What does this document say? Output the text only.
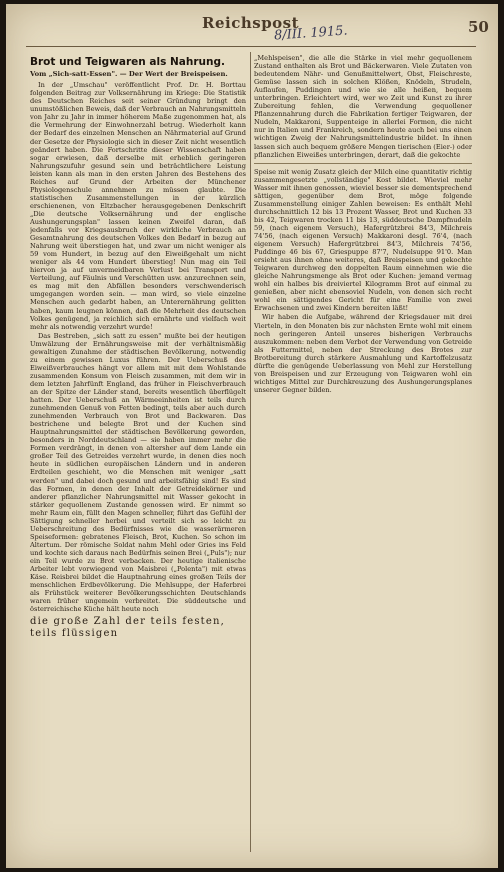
Reichspost
8/III. 1915.	50
Brot und Teigwaren als Nahrung.
Vom „Sich-satt-Essen". — Der Wert der Breispeisen.

In der „Umschau" veröffentlicht Prof. Dr. H. Borttau folgenden Beitrag zur Volksernährung im Kriege: Die Statistik des Deutschen Reiches seit seiner Gründung bringt den unumstößlichen Beweis, daß der Verbrauch an Nahrungsmitteln von Jahr zu Jahr in immer höherem Maße zugenommen hat, als die Vermehrung der Einwohnerzahl betrug. Wiederholt kann der Bedarf des einzelnen Menschen an Nährmaterial auf Grund der Gesetze der Physiologie sich in dieser Zeit nicht wesentlich geändert haben. Die Fortschritte dieser Wissenschaft haben sogar erwiesen, daß derselbe mit erheblich geringeren Nahrungszufuhr gesund sein und beträchtlichere Leistung leisten kann als man in den ersten Jahren des Bestehens des Reiches auf Grund der Arbeiten der Münchener Physiologenschule annehmen zu müssen glaubte. Die statistischen Zusammenstellungen in der kürzlich erschienenen, von Eltzbacher herausgegebenen Denkschrift „Die deutsche Volksernährung und der englische Aushungerungsplan" lassen keinen Zweifel daran, daß jedenfalls vor Kriegsausbruch der wirkliche Verbrauch an Gesamtnahrung des deutschen Volkes den Bedarf in bezug auf Nahrung weit überstiegen hat, und zwar um nicht weniger als 59 vom Hundert, in bezug auf den Eiweißgehalt um nicht weniger als 44 vom Hundert überstieg! Nun mag ein Teil hiervon ja auf unvermeidbaren Verlust bei Transport und Verteilung, auf Fäulnis und Verschütten usw. anzurechnen sein, es mag mit den Abfällen besonders verschwenderisch umgegangen worden sein. — man wird, so viele einzelne Menschen auch gedarbt haben, an Unterernährung gelitten haben, kaum leugnen können, daß die Mehrheit des deutschen Volkes genügend, ja reichlich sich ernährte und vielfach weit mehr als notwendig verzehrt wurde!

Das Bestreben, „sich satt zu essen" mußte bei der heutigen Umwälzung der Ernährungsweise mit der verhältnismäßig gewaltigen Zunahme der städtischen Bevölkerung, notwendig zu einem gewissen Luxus führen. Der Ueberschuß des Eiweißverbrauches hängt vor allem mit mit dem Wohlstande zusammenden Konsum von Fleisch zusammen, mit dem wir in dem letzten Jahrfünft England, das früher in Fleischverbrauch an der Spitze der Länder stand, bereits wesentlich überflügelt hatten. Der Ueberschuß an Wärmeeinheiten ist teils durch zunehmenden Genuß von Fetten bedingt, teils aber auch durch zunehmenden Verbrauch von Brot und Backwaren. Das bestrichene und belegte Brot und der Kuchen sind Hauptnahrungsmittel der städtischen Bevölkerung geworden, besonders in Norddeutschland — sie haben immer mehr die Formen verdrängt, in denen von altersher auf dem Lande ein großer Teil des Getreides verzehrt wurde, in denen dies noch heute in südlichen europäischen Ländern und in anderen Erdteilen geschieht, wo die Menschen mit weniger „satt werden" und dabei doch gesund und arbeitsfähig sind! Es sind das Formen, in denen der Inhalt der Getreidekörner und anderer pflanzlicher Nahrungsmittel mit Wasser gekocht in stärker gequollenem Zustande genossen wird. Er nimmt so mehr Raum ein, füllt den Magen schneller, führt das Gefühl der Sättigung schneller herbei und verteilt sich so leicht zu Ueberschreitung des Bedürfnisses wie die wasserärmeren Speiseformen: gebratenes Fleisch, Brot, Kuchen. So schon im Altertum. Der römische Soldat nahm Mehl oder Gries ins Feld und kochte sich daraus nach Bedürfnis seinen Brei („Puls"); nur ein Teil wurde zu Brot verbacken. Der heutige italienische Arbeiter lebt vorwiegend von Maisbrei („Polenta") mit etwas Käse. Reisbrei bildet die Hauptnahrung eines großen Teils der menschlichen Erdbevölkerung. Die Mehlsuppe, der Haferbrei als Frühstück weiterer Bevölkerungsschichten Deutschlands waren früher ungemein verbreitet. Die süddeutsche und österreichische Küche hält heute noch

die große Zahl der teils festen, teils flüssigen

„Mehlspeisen", die alle die Stärke in viel mehr gequollenem Zustand enthalten als Brot und Bäckerwaren. Viele Zutaten von bedeutendem Nähr- und Genußmittelwert, Obst, Fleischreste, Gemüse lassen sich in solchen Klößen, Knödeln, Strudeln, Auflaufen, Puddingen und wie sie alle heißen, bequem unterbringen. Erleichtert wird, wer wo Zeit und Kunst zu ihrer Zubereitung fehlen, die Verwendung gequollener Pflanzennahrung durch die Fabrikation fertiger Teigwaren, der Nudeln, Makkaroni, Suppenteige in allerlei Formen, die nicht nur in Italien und Frankreich, sondern heute auch bei uns einen wichtigen Zweig der Nahrungsmittelindustrie bildet. In ihnen lassen sich auch bequem größere Mengen tierischen (Eier-) oder pflanzlichen Eiweißes unterbringen, derart, daß die gekochte

Speise mit wenig Zusatz gleich der Milch eine quantitativ richtig zusammengesetzte „vollständige" Kost bildet. Wieviel mehr Wasser mit ihnen genossen, wieviel besser sie dementsprechend sättigen, gegenüber dem Brot, möge folgende Zusammenstellung einiger Zahlen beweisen: Es enthält Mehl durchschnittlich 12 bis 13 Prozent Wasser, Brot und Kuchen 33 bis 42, Teigwaren trocken 11 bis 13, süddeutsche Dampfnudeln 59, (nach eigenem Versuch), Hafergrützbrei 84'3, Milchreis 74'56, (nach eigenen Versuch) Makkaroni desgl. 76'4, (nach eigenem Versuch) Hafergrützbrei 84'3, Milchreis 74'56, Puddinge 46 bis 67, Griespuppe 87'7, Nudelsuppe 91'0. Man ersieht aus ihnen ohne weiteres, daß Breispeisen und gekochte Teigwaren durchweg den doppelten Raum einnehmen wie die gleiche Nahrungsmenge als Brot oder Kuchen: jemand vermag wohl ein halbes bis dreiviertel Kilogramm Brot auf einmal zu genießen, aber nicht ebensoviel Nudeln, von denen sich recht wohl ein sättigendes Gericht für eine Familie von zwei Erwachsenen und zwei Kindern bereiten läßt!

Wir haben die Aufgabe, während der Kriegsdauer mit drei Vierteln, in den Monaten bis zur nächsten Ernte wohl mit einem noch geringeren Anteil unseres bisherigen Verbrauchs auszukommen: neben dem Verbot der Verwendung von Getreide als Futtermittel, neben der Streckung des Brotes zur Brotbereitung durch stärkere Ausmahlung und Kartoffelzusatz dürfte die genügende Ueberlassung von Mehl zur Herstellung von Breispeisen und zur Erzeugung von Teigwaren wohl ein wichtiges Mittel zur Durchkreuzung des Aushungerungsplanes unserer Gegner bilden.
